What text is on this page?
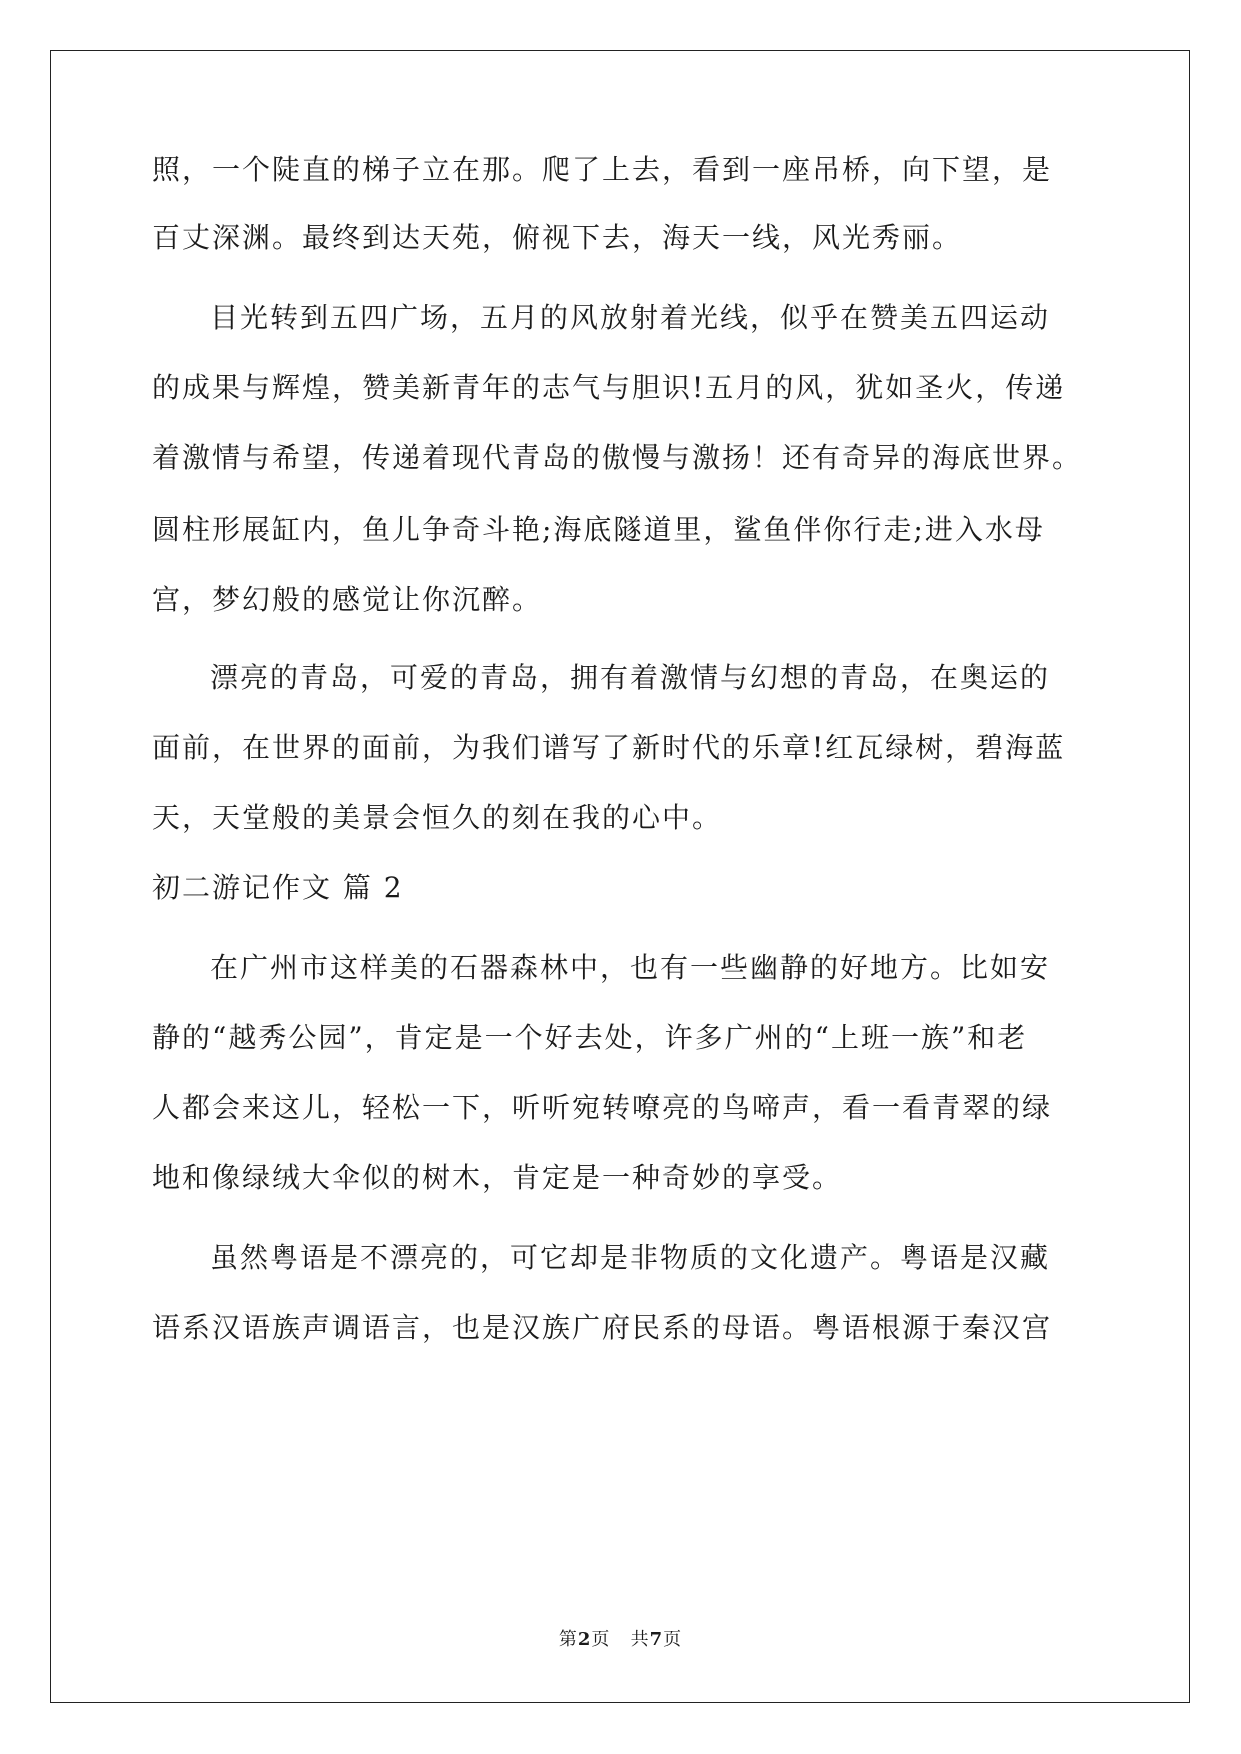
照，一个陡直的梯子立在那。爬了上去，看到一座吊桥，向下望，是
百丈深渊。最终到达天苑，俯视下去，海天一线，风光秀丽。
目光转到五四广场，五月的风放射着光线，似乎在赞美五四运动
的成果与辉煌，赞美新青年的志气与胆识!五月的风，犹如圣火，传递
着激情与希望，传递着现代青岛的傲慢与激扬！还有奇异的海底世界。
圆柱形展缸内，鱼儿争奇斗艳;海底隧道里，鲨鱼伴你行走;进入水母
宫，梦幻般的感觉让你沉醉。
漂亮的青岛，可爱的青岛，拥有着激情与幻想的青岛，在奥运的
面前，在世界的面前，为我们谱写了新时代的乐章!红瓦绿树，碧海蓝
天，天堂般的美景会恒久的刻在我的心中。
初二游记作文 篇 2
在广州市这样美的石器森林中，也有一些幽静的好地方。比如安
静的“越秀公园”，肯定是一个好去处，许多广州的“上班一族”和老
人都会来这儿，轻松一下，听听宛转嘹亮的鸟啼声，看一看青翠的绿
地和像绿绒大伞似的树木，肯定是一种奇妙的享受。
虽然粤语是不漂亮的，可它却是非物质的文化遗产。粤语是汉藏
语系汉语族声调语言，也是汉族广府民系的母语。粤语根源于秦汉宫
第2页 共7页
